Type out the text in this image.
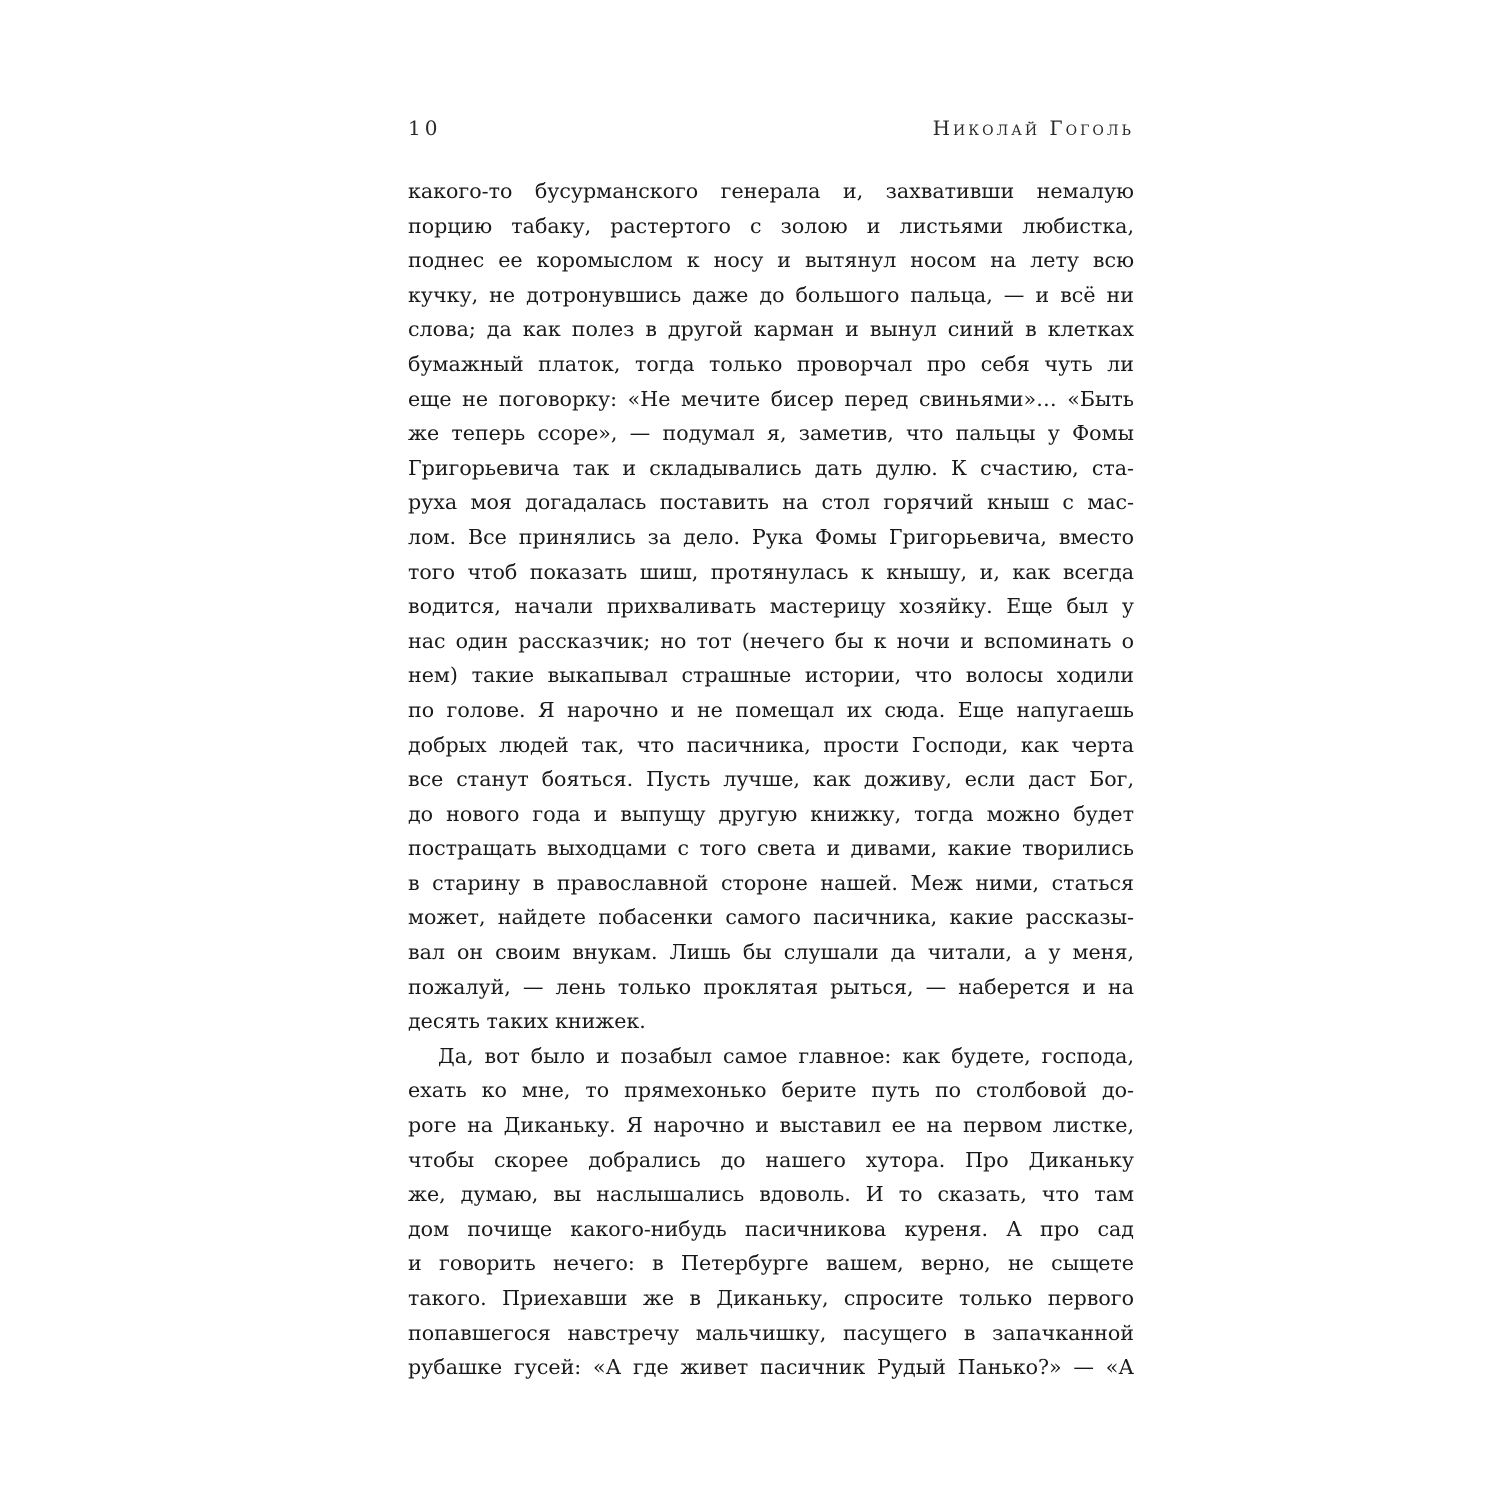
10	Николай Гоголь
какого-то бусурманского генерала и, захвативши немалую
порцию табаку, растертого с золою и листьями любистка,
поднес ее коромыслом к носу и вытянул носом на лету всю
кучку, не дотронувшись даже до большого пальца, — и всё ни
слова; да как полез в другой карман и вынул синий в клетках
бумажный платок, тогда только проворчал про себя чуть ли
еще не поговорку: «Не мечите бисер перед свиньями»… «Быть
же теперь ссоре», — подумал я, заметив, что пальцы у Фомы
Григорьевича так и складывались дать дулю. К счастию, ста-
руха моя догадалась поставить на стол горячий кныш с мас-
лом. Все принялись за дело. Рука Фомы Григорьевича, вместо
того чтоб показать шиш, протянулась к кнышу, и, как всегда
водится, начали прихваливать мастерицу хозяйку. Еще был у
нас один рассказчик; но тот (нечего бы к ночи и вспоминать о
нем) такие выкапывал страшные истории, что волосы ходили
по голове. Я нарочно и не помещал их сюда. Еще напугаешь
добрых людей так, что пасичника, прости Господи, как черта
все станут бояться. Пусть лучше, как доживу, если даст Бог,
до нового года и выпущу другую книжку, тогда можно будет
постращать выходцами с того света и дивами, какие творились
в старину в православной стороне нашей. Меж ними, статься
может, найдете побасенки самого пасичника, какие рассказы-
вал он своим внукам. Лишь бы слушали да читали, а у меня,
пожалуй, — лень только проклятая рыться, — наберется и на
десять таких книжек.
Да, вот было и позабыл самое главное: как будете, господа,
ехать ко мне, то прямехонько берите путь по столбовой до-
роге на Диканьку. Я нарочно и выставил ее на первом листке,
чтобы скорее добрались до нашего хутора. Про Диканьку
же, думаю, вы наслышались вдоволь. И то сказать, что там
дом почище какого-нибудь пасичникова куреня. А про сад
и говорить нечего: в Петербурге вашем, верно, не сыщете
такого. Приехавши же в Диканьку, спросите только первого
попавшегося навстречу мальчишку, пасущего в запачканной
рубашке гусей: «А где живет пасичник Рудый Панько?» — «А
